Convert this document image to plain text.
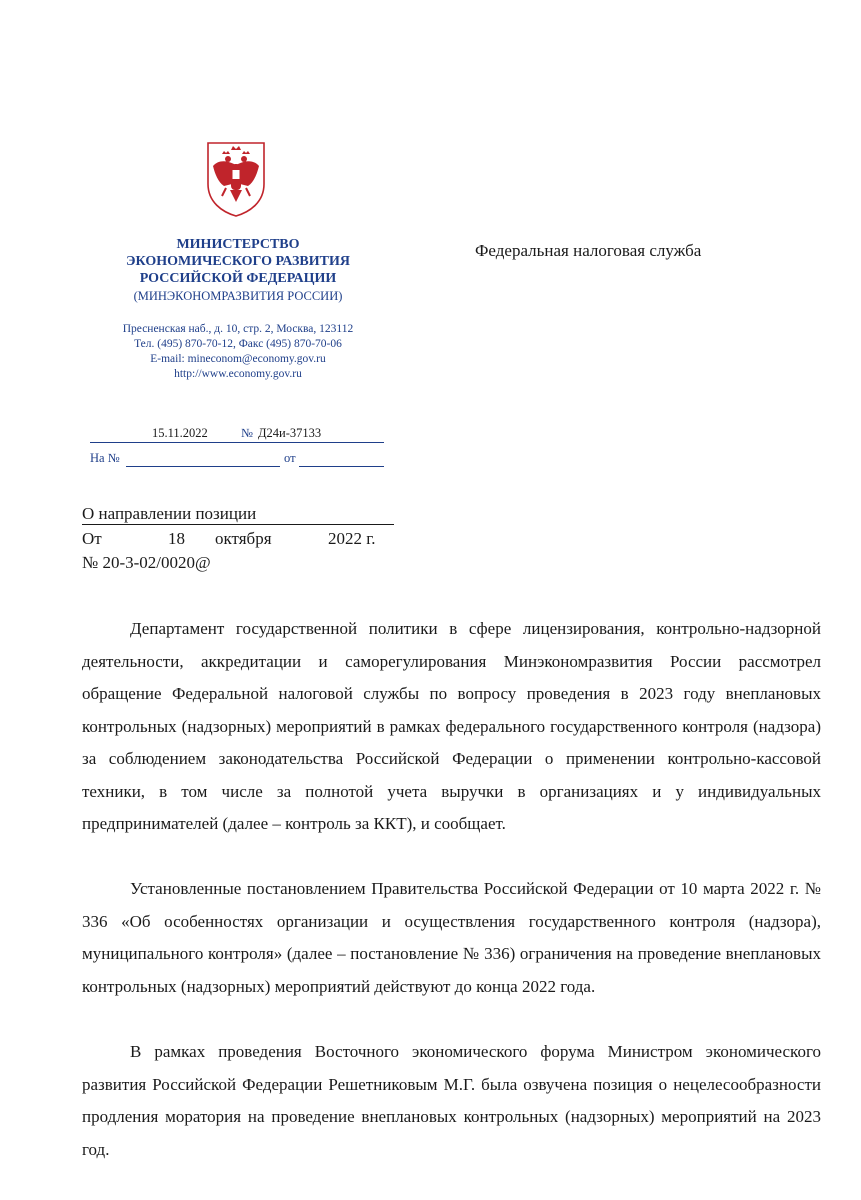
МИНИСТЕРСТВО
ЭКОНОМИЧЕСКОГО РАЗВИТИЯ
РОССИЙСКОЙ ФЕДЕРАЦИИ
(МИНЭКОНОМРАЗВИТИЯ РОССИИ)
Пресненская наб., д. 10, стр. 2, Москва, 123112
Тел. (495) 870-70-12, Факс (495) 870-70-06
E-mail: mineconom@economy.gov.ru
http://www.economy.gov.ru
15.11.2022	№ Д24и-37133
На №	от
Федеральная налоговая служба
О направлении позиции
От	18 октября	2022 г.
№ 20-3-02/0020@
Департамент государственной политики в сфере лицензирования, контрольно-надзорной деятельности, аккредитации и саморегулирования Минэкономразвития России рассмотрел обращение Федеральной налоговой службы по вопросу проведения в 2023 году внеплановых контрольных (надзорных) мероприятий в рамках федерального государственного контроля (надзора) за соблюдением законодательства Российской Федерации о применении контрольно-кассовой техники, в том числе за полнотой учета выручки в организациях и у индивидуальных предпринимателей (далее – контроль за ККТ), и сообщает.
Установленные постановлением Правительства Российской Федерации от 10 марта 2022 г. № 336 «Об особенностях организации и осуществления государственного контроля (надзора), муниципального контроля» (далее – постановление № 336) ограничения на проведение внеплановых контрольных (надзорных) мероприятий действуют до конца 2022 года.
В рамках проведения Восточного экономического форума Министром экономического развития Российской Федерации Решетниковым М.Г. была озвучена позиция о нецелесообразности продления моратория на проведение внеплановых контрольных (надзорных) мероприятий на 2023 год.
